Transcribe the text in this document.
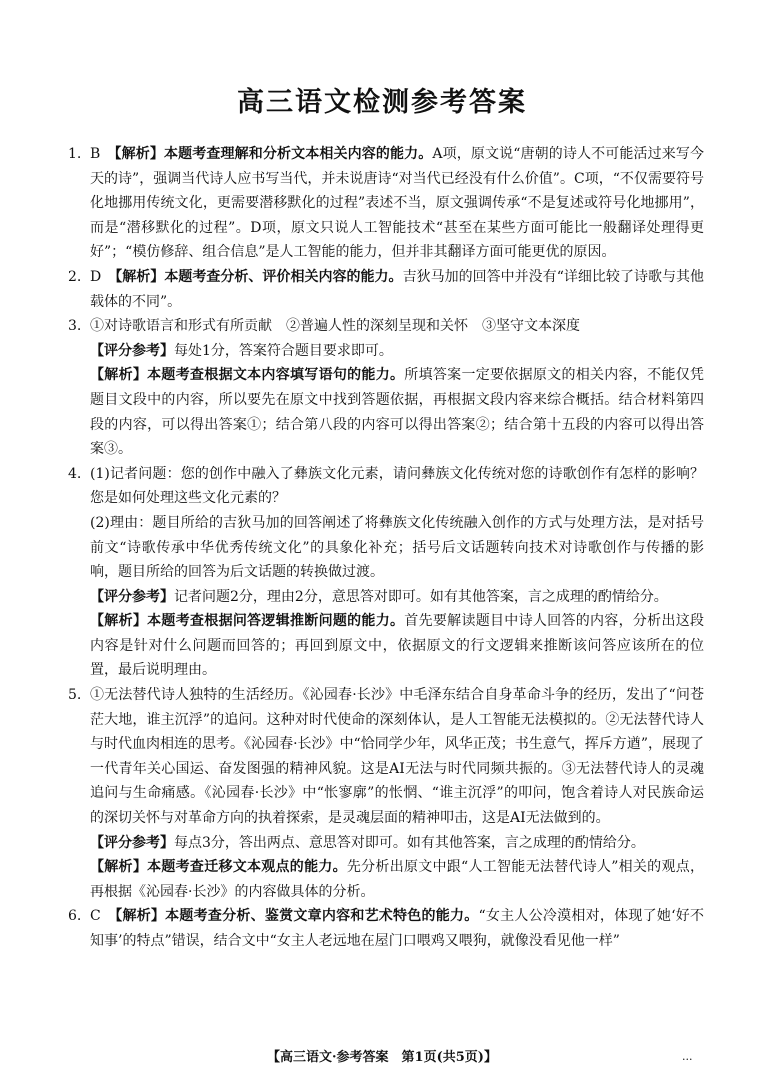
高三语文检测参考答案
1. B　【解析】本题考查理解和分析文本相关内容的能力。A项，原文说“唐朝的诗人不可能活过来写今天的诗”，强调当代诗人应书写当代，并未说唐诗“对当代已经没有什么价值”。C项，“不仅需要符号化地挪用传统文化，更需要潜移默化的过程”表述不当，原文强调传承“不是复述或符号化地挪用”，而是“潜移默化的过程”。D项，原文只说人工智能技术“甚至在某些方面可能比一般翻译处理得更好”；“模仿修辞、组合信息”是人工智能的能力，但并非其翻译方面可能更优的原因。
2. D　【解析】本题考查分析、评价相关内容的能力。吉狄马加的回答中并没有“详细比较了诗歌与其他载体的不同”。
3. ①对诗歌语言和形式有所贡献　②普遍人性的深刻呈现和关怀　③坚守文本深度
【评分参考】每处1分，答案符合题目要求即可。
【解析】本题考查根据文本内容填写语句的能力。所填答案一定要依据原文的相关内容，不能仅凭题目文段中的内容，所以要先在原文中找到答题依据，再根据文段内容来综合概括。结合材料第四段的内容，可以得出答案①；结合第八段的内容可以得出答案②；结合第十五段的内容可以得出答案③。
4. (1)记者问题：您的创作中融入了彝族文化元素，请问彝族文化传统对您的诗歌创作有怎样的影响？您是如何处理这些文化元素的？
(2)理由：题目所给的吉狄马加的回答阐述了将彝族文化传统融入创作的方式与处理方法，是对括号前文“诗歌传承中华优秀传统文化”的具象化补充；括号后文话题转向技术对诗歌创作与传播的影响，题目所给的回答为后文话题的转换做过渡。
【评分参考】记者问题2分，理由2分，意思答对即可。如有其他答案，言之成理的酌情给分。
【解析】本题考查根据问答逻辑推断问题的能力。首先要解读题目中诗人回答的内容，分析出这段内容是针对什么问题而回答的；再回到原文中，依据原文的行文逻辑来推断该问答应该所在的位置，最后说明理由。
5. ①无法替代诗人独特的生活经历。《沁园春·长沙》中毛泽东结合自身革命斗争的经历，发出了“问苍茫大地，谁主沉浮”的追问。这种对时代使命的深刻体认，是人工智能无法模拟的。②无法替代诗人与时代血肉相连的思考。《沁园春·长沙》中“恰同学少年，风华正茂；书生意气，挥斥方遒”，展现了一代青年关心国运、奋发图强的精神风貌。这是AI无法与时代同频共振的。③无法替代诗人的灵魂追问与生命痛感。《沁园春·长沙》中“怅寥廓”的怅惘、“谁主沉浮”的叩问，饱含着诗人对民族命运的深切关怀与对革命方向的执着探索，是灵魂层面的精神叩击，这是AI无法做到的。
【评分参考】每点3分，答出两点、意思答对即可。如有其他答案，言之成理的酌情给分。
【解析】本题考查迁移文本观点的能力。先分析出原文中跟“人工智能无法替代诗人”相关的观点，再根据《沁园春·长沙》的内容做具体的分析。
6. C　【解析】本题考查分析、鉴赏文章内容和艺术特色的能力。“女主人公冷漠相对，体现了她‘好不知事’的特点”错误，结合文中“女主人老远地在屋门口喂鸡又喂狗，就像没看见他一样”
【高三语文·参考答案　第1页(共5页)】	...
